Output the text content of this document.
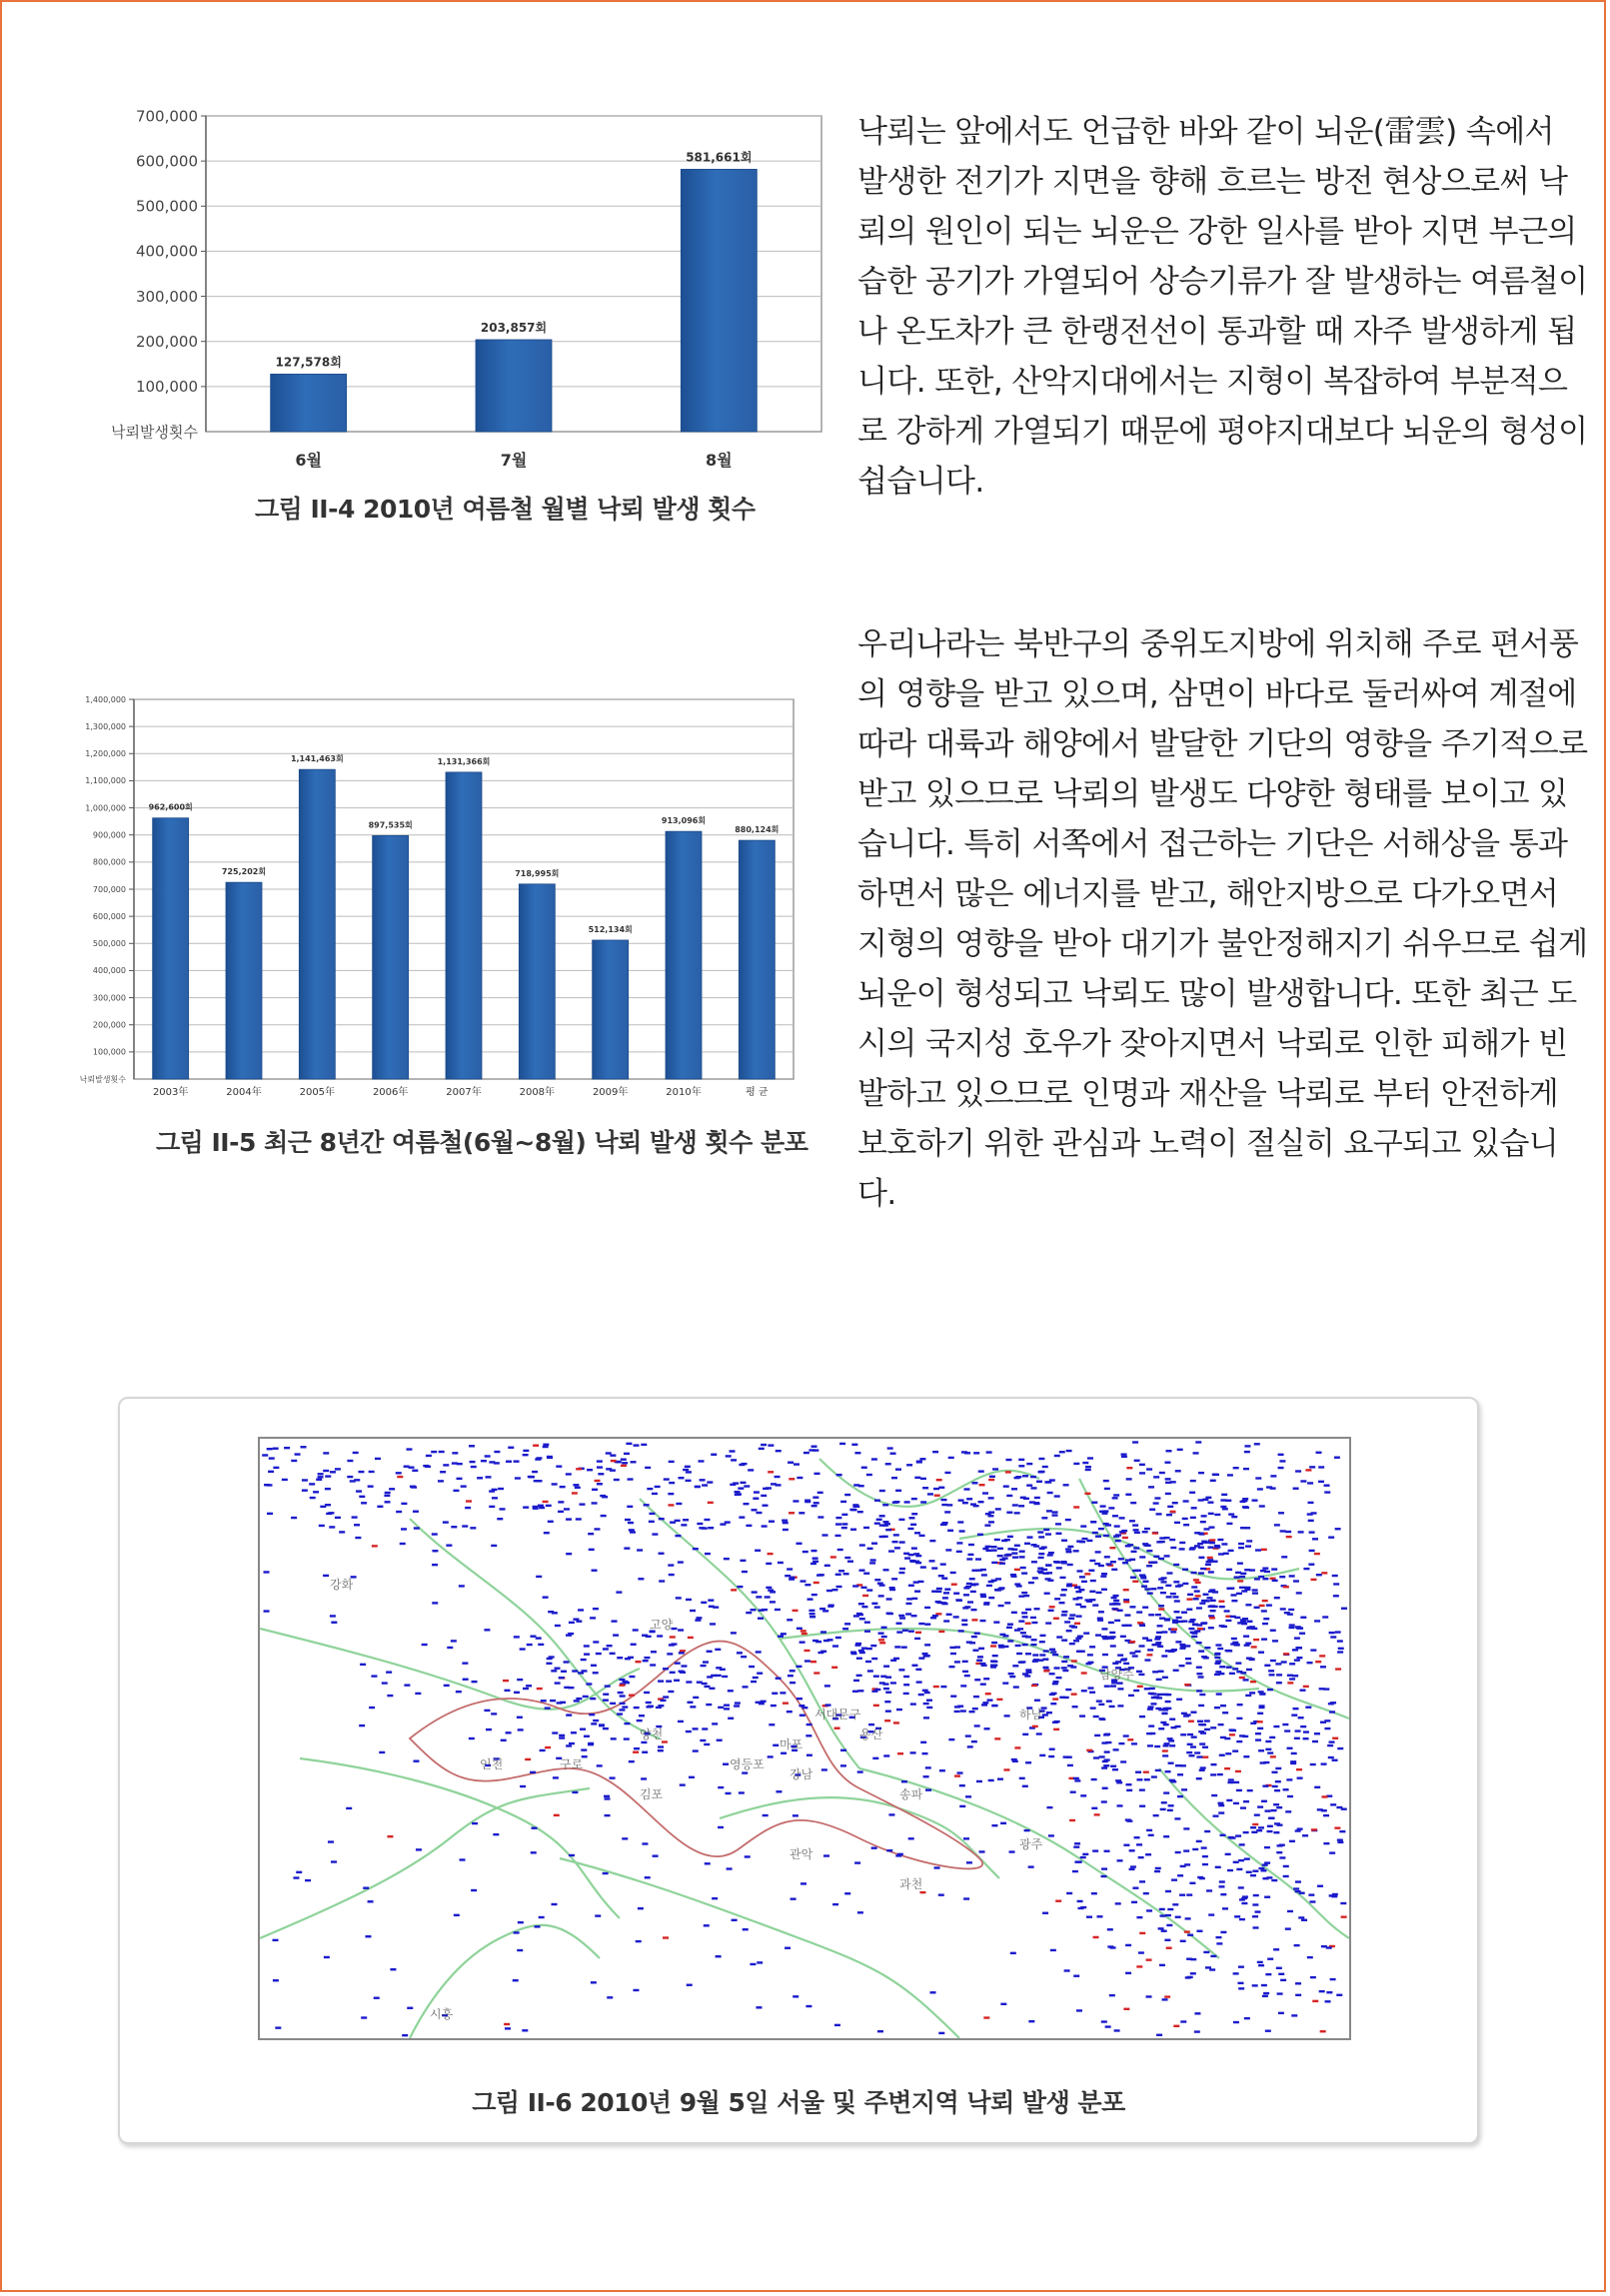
100,000
200,000
300,000
400,000
500,000
600,000
700,000
낙뢰발생횟수
127,578회
6월
203,857회
7월
581,661회
8월

그림 II-4 2010년 여름철 월별 낙뢰 발생 횟수

낙뢰는 앞에서도 언급한 바와 같이 뇌운(雷雲) 속에서 발생한 전기가 지면을 향해 흐르는 방전 현상으로써 낙뢰의 원인이 되는 뇌운은 강한 일사를 받아 지면 부근의 습한 공기가 가열되어 상승기류가 잘 발생하는 여름철이나 온도차가 큰 한랭전선이 통과할 때 자주 발생하게 됩니다. 또한, 산악지대에서는 지형이 복잡하여 부분적으로 강하게 가열되기 때문에 평야지대보다 뇌운의 형성이 쉽습니다.

100,000
200,000
300,000
400,000
500,000
600,000
700,000
800,000
900,000
1,000,000
1,100,000
1,200,000
1,300,000
1,400,000
낙뢰발생횟수
962,600회
2003年
725,202회
2004年
1,141,463회
2005年
897,535회
2006年
1,131,366회
2007年
718,995회
2008年
512,134회
2009年
913,096회
2010年
880,124회
평 균

그림 II-5 최근 8년간 여름철(6월~8월) 낙뢰 발생 횟수 분포

우리나라는 북반구의 중위도지방에 위치해 주로 편서풍의 영향을 받고 있으며, 삼면이 바다로 둘러싸여 계절에 따라 대륙과 해양에서 발달한 기단의 영향을 주기적으로 받고 있으므로 낙뢰의 발생도 다양한 형태를 보이고 있습니다. 특히 서쪽에서 접근하는 기단은 서해상을 통과하면서 많은 에너지를 받고, 해안지방으로 다가오면서 지형의 영향을 받아 대기가 불안정해지기 쉬우므로 쉽게 뇌운이 형성되고 낙뢰도 많이 발생합니다. 또한 최근 도시의 국지성 호우가 잦아지면서 낙뢰로 인한 피해가 빈발하고 있으므로 인명과 재산을 낙뢰로 부터 안전하게 보호하기 위한 관심과 노력이 절실히 요구되고 있습니다.

강화
김포
고양
서대문구
강남
마포
영등포
양천
관악
용산
송파
과천
하남
광주
구로
시흥
인천
남양주

그림 II-6 2010년 9월 5일 서울 및 주변지역 낙뢰 발생 분포
